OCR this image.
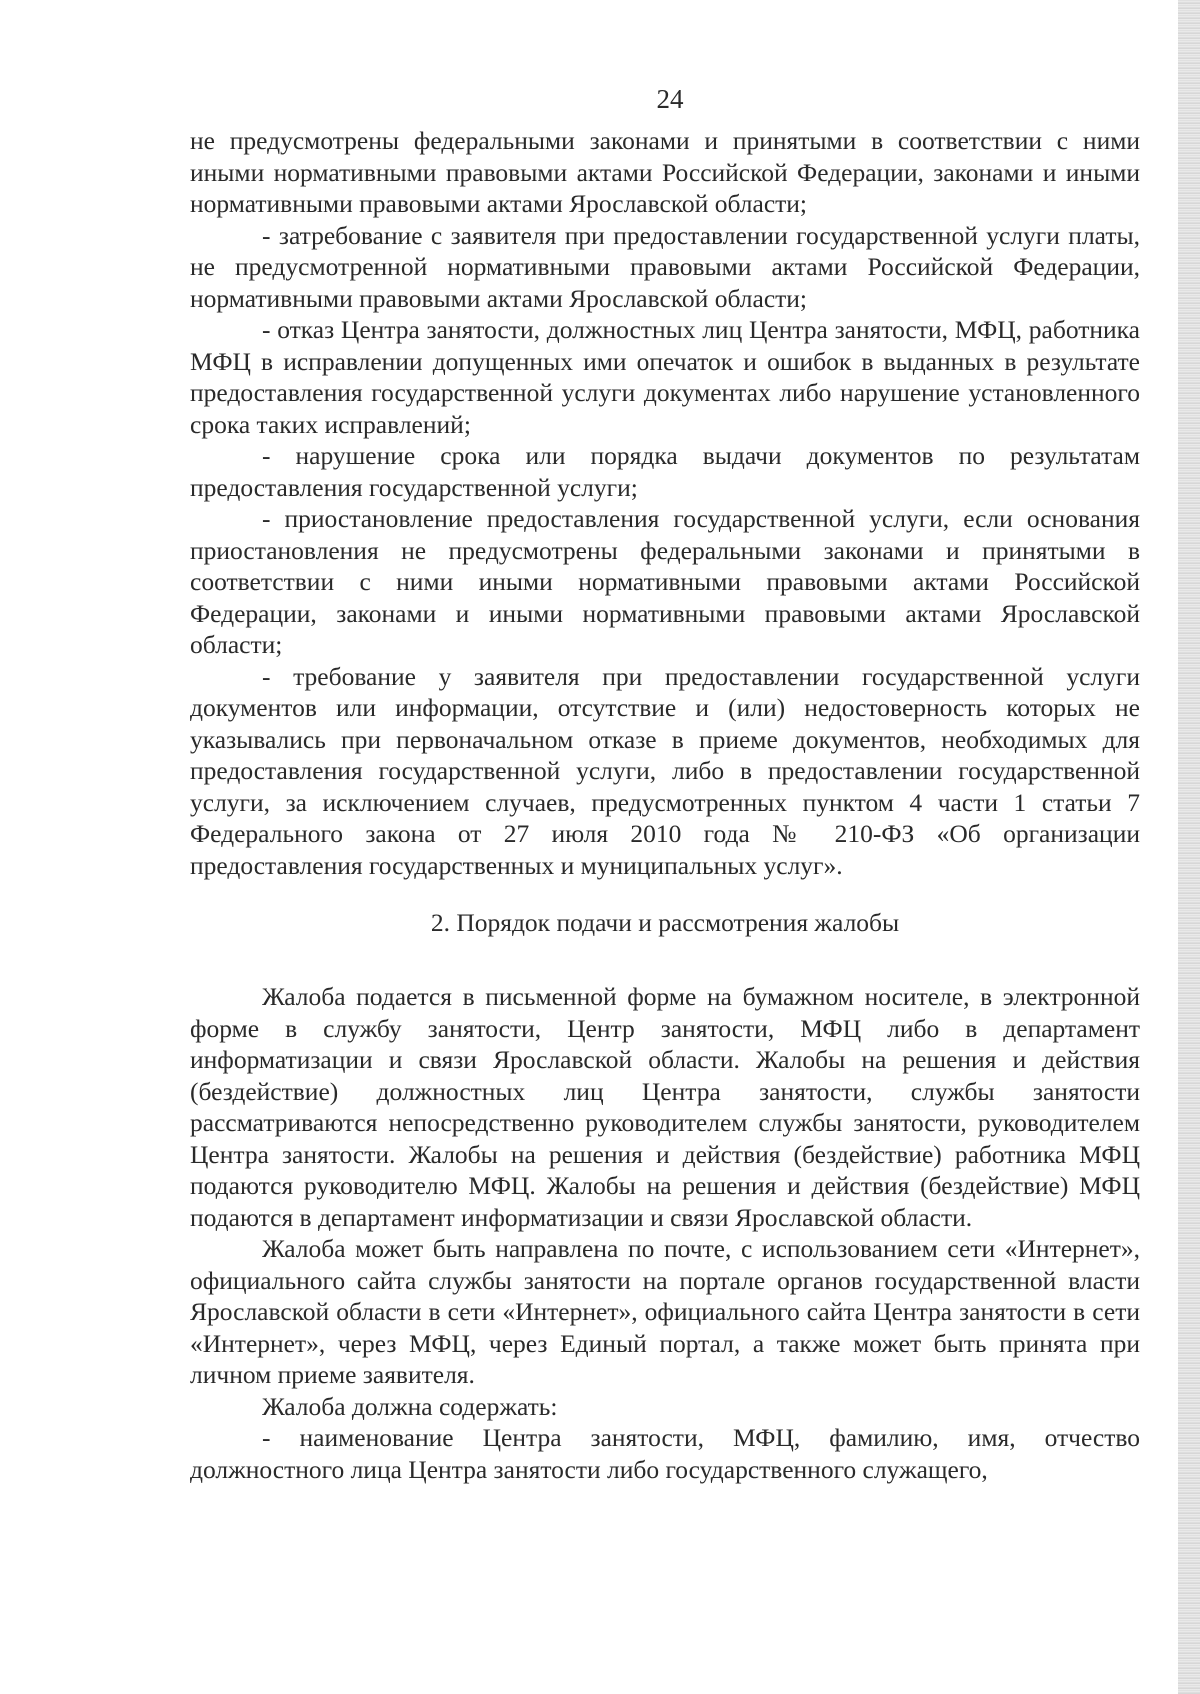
24

не предусмотрены федеральными законами и принятыми в соответствии с ними иными нормативными правовыми актами Российской Федерации, законами и иными нормативными правовыми актами Ярославской области;

- затребование с заявителя при предоставлении государственной услуги платы, не предусмотренной нормативными правовыми актами Российской Федерации, нормативными правовыми актами Ярославской области;

- отказ Центра занятости, должностных лиц Центра занятости, МФЦ, работника МФЦ в исправлении допущенных ими опечаток и ошибок в выданных в результате предоставления государственной услуги документах либо нарушение установленного срока таких исправлений;

- нарушение срока или порядка выдачи документов по результатам предоставления государственной услуги;

- приостановление предоставления государственной услуги, если основания приостановления не предусмотрены федеральными законами и принятыми в соответствии с ними иными нормативными правовыми актами Российской Федерации, законами и иными нормативными правовыми актами Ярославской области;

- требование у заявителя при предоставлении государственной услуги документов или информации, отсутствие и (или) недостоверность которых не указывались при первоначальном отказе в приеме документов, необходимых для предоставления государственной услуги, либо в предоставлении государственной услуги, за исключением случаев, предусмотренных пунктом 4 части 1 статьи 7 Федерального закона от 27 июля 2010 года № 210-ФЗ «Об организации предоставления государственных и муниципальных услуг».

2. Порядок подачи и рассмотрения жалобы

Жалоба подается в письменной форме на бумажном носителе, в электронной форме в службу занятости, Центр занятости, МФЦ либо в департамент информатизации и связи Ярославской области. Жалобы на решения и действия (бездействие) должностных лиц Центра занятости, службы занятости рассматриваются непосредственно руководителем службы занятости, руководителем Центра занятости. Жалобы на решения и действия (бездействие) работника МФЦ подаются руководителю МФЦ. Жалобы на решения и действия (бездействие) МФЦ подаются в департамент информатизации и связи Ярославской области.

Жалоба может быть направлена по почте, с использованием сети «Интернет», официального сайта службы занятости на портале органов государственной власти Ярославской области в сети «Интернет», официального сайта Центра занятости в сети «Интернет», через МФЦ, через Единый портал, а также может быть принята при личном приеме заявителя.

Жалоба должна содержать:

- наименование Центра занятости, МФЦ, фамилию, имя, отчество должностного лица Центра занятости либо государственного служащего,
